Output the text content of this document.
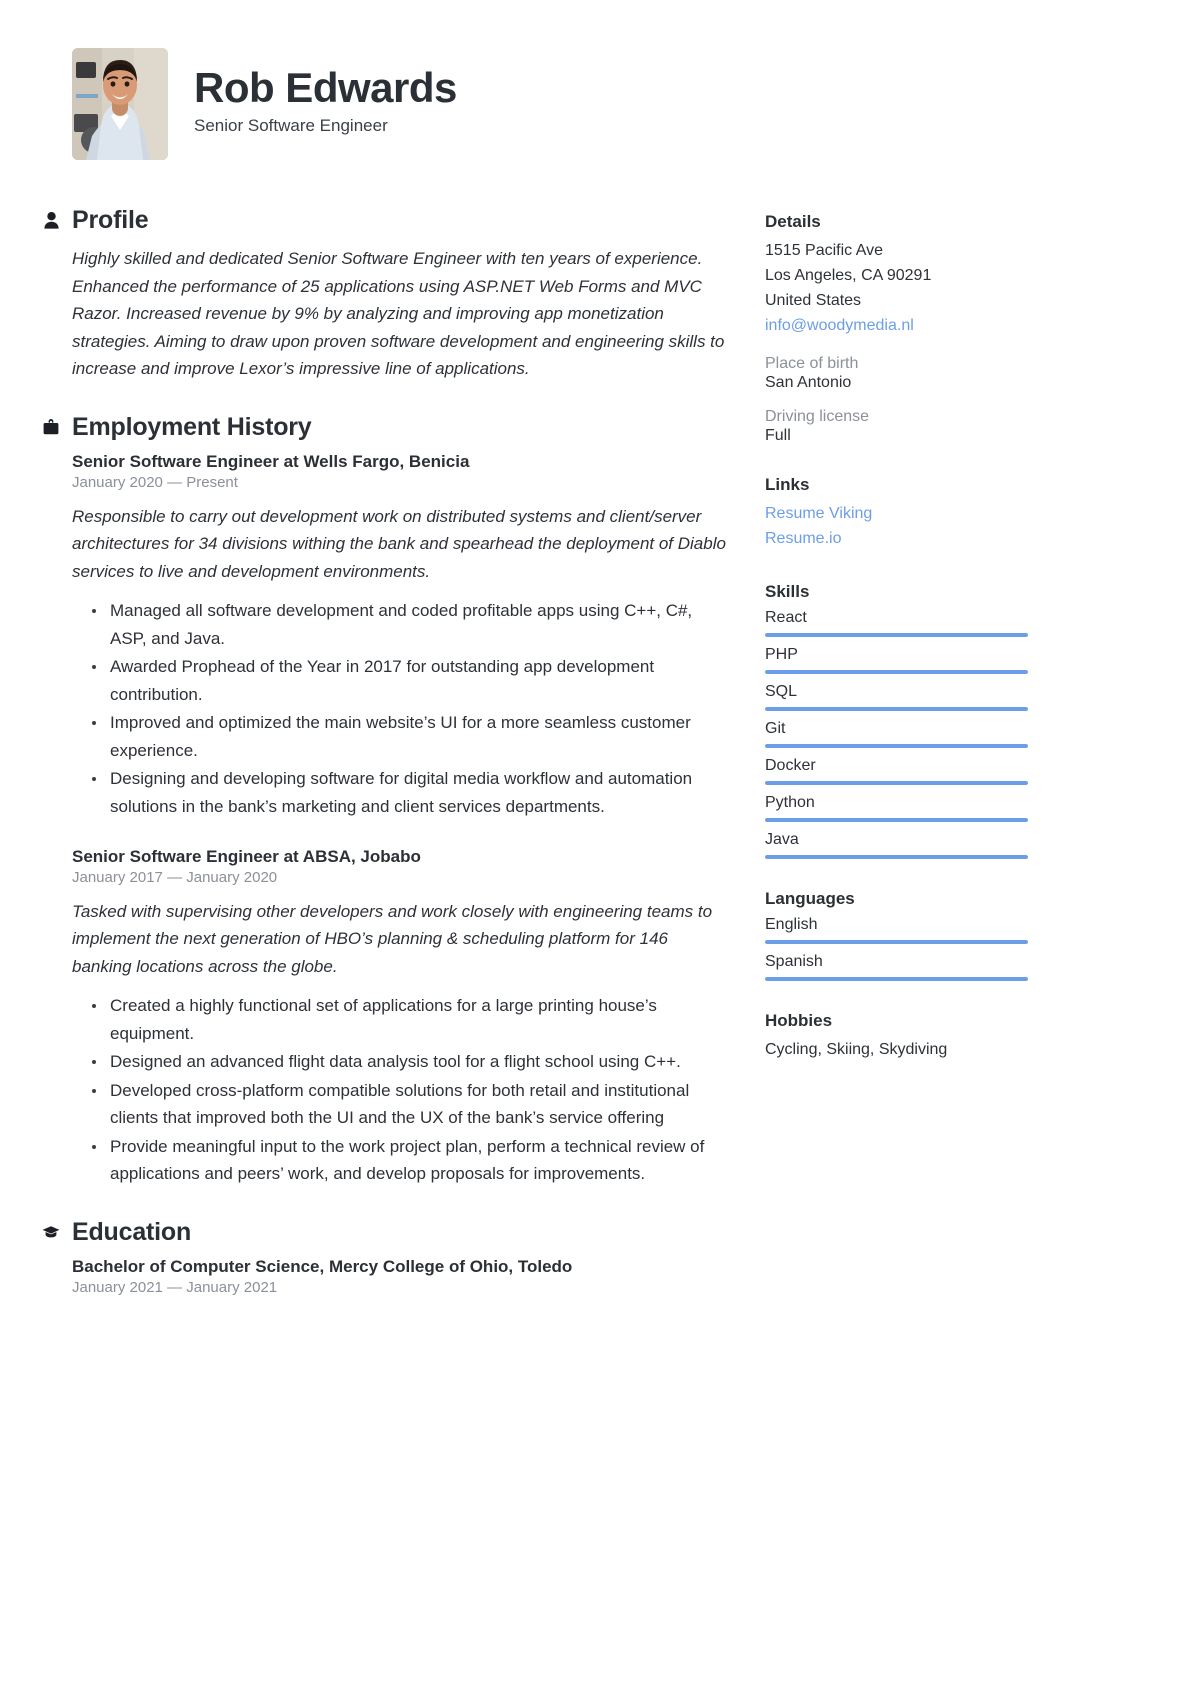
Rob Edwards
Senior Software Engineer
Profile
Highly skilled and dedicated Senior Software Engineer with ten years of experience. Enhanced the performance of 25 applications using ASP.NET Web Forms and MVC Razor. Increased revenue by 9% by analyzing and improving app monetization strategies. Aiming to draw upon proven software development and engineering skills to increase and improve Lexor’s impressive line of applications.
Employment History
Senior Software Engineer at Wells Fargo, Benicia
January 2020 — Present
Responsible to carry out development work on distributed systems and client/server architectures for 34 divisions withing the bank and spearhead the deployment of Diablo services to live and development environments.
Managed all software development and coded profitable apps using C++, C#, ASP, and Java.
Awarded Prophead of the Year in 2017 for outstanding app development contribution.
Improved and optimized the main website’s UI for a more seamless customer experience.
Designing and developing software for digital media workflow and automation solutions in the bank’s marketing and client services departments.
Senior Software Engineer at ABSA, Jobabo
January 2017 — January 2020
Tasked with supervising other developers and work closely with engineering teams to implement the next generation of HBO’s planning & scheduling platform for 146 banking locations across the globe.
Created a highly functional set of applications for a large printing house’s equipment.
Designed an advanced flight data analysis tool for a flight school using C++.
Developed cross-platform compatible solutions for both retail and institutional clients that improved both the UI and the UX of the bank’s service offering
Provide meaningful input to the work project plan, perform a technical review of applications and peers’ work, and develop proposals for improvements.
Education
Bachelor of Computer Science, Mercy College of Ohio, Toledo
January 2021 — January 2021
Details
1515 Pacific Ave
Los Angeles, CA 90291
United States
info@woodymedia.nl
Place of birth
San Antonio
Driving license
Full
Links
Resume Viking
Resume.io
Skills
React
PHP
SQL
Git
Docker
Python
Java
Languages
English
Spanish
Hobbies
Cycling, Skiing, Skydiving
